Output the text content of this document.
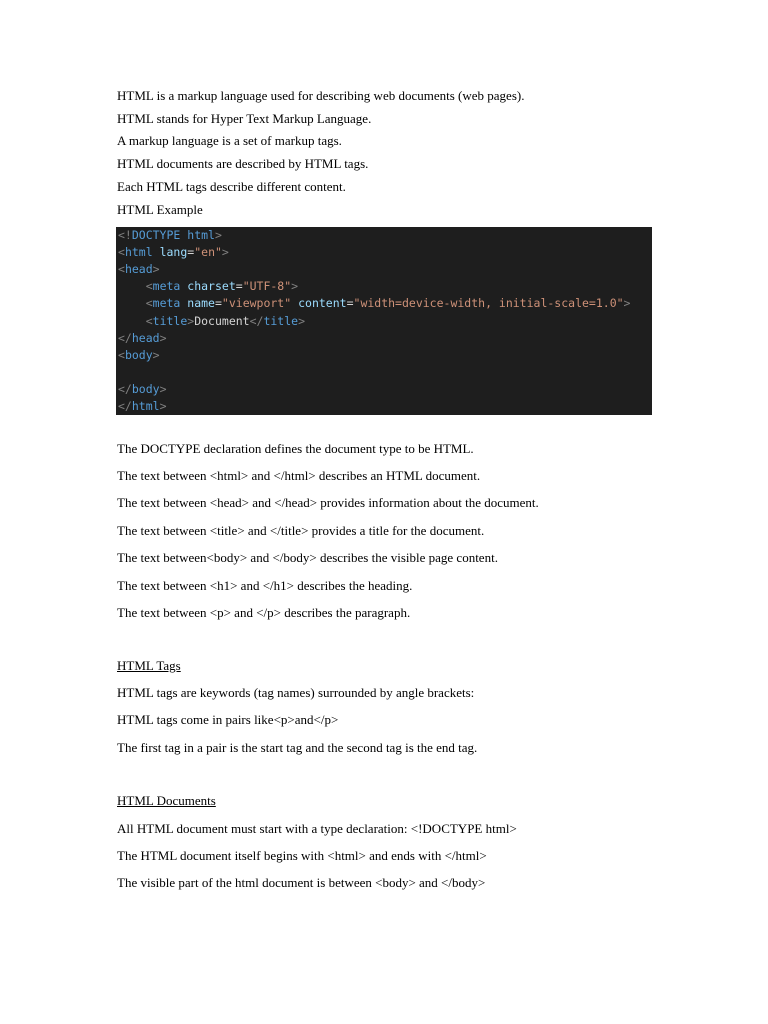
HTML is a markup language used for describing web documents (web pages).
HTML stands for Hyper Text Markup Language.
A markup language is a set of markup tags.
HTML documents are described by HTML tags.
Each HTML tags describe different content.
HTML Example
<!DOCTYPE html>
<html lang="en">
<head>
<meta charset="UTF-8">
<meta name="viewport" content="width=device-width, initial-scale=1.0">
<title>Document</title>
</head>
<body>
</body>
</html>
The DOCTYPE declaration defines the document type to be HTML.
The text between <html> and </html> describes an HTML document.
The text between <head> and </head> provides information about the document.
The text between <title> and </title> provides a title for the document.
The text between<body> and </body> describes the visible page content.
The text between <h1> and </h1> describes the heading.
The text between <p> and </p> describes the paragraph.
HTML Tags
HTML tags are keywords (tag names) surrounded by angle brackets:
HTML tags come in pairs like<p>and</p>
The first tag in a pair is the start tag and the second tag is the end tag.
HTML Documents
All HTML document must start with a type declaration: <!DOCTYPE html>
The HTML document itself begins with <html> and ends with </html>
The visible part of the html document is between <body> and </body>
